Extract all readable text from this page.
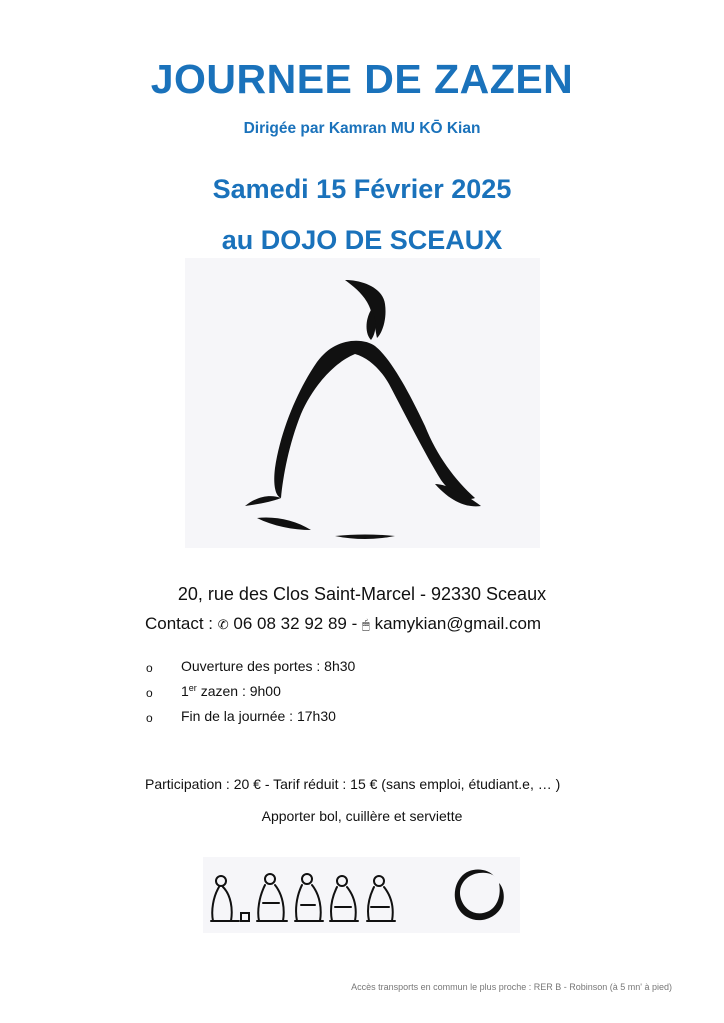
JOURNEE DE ZAZEN
Dirigée par Kamran MU KŌ Kian
Samedi 15 Février 2025
au DOJO DE SCEAUX
20, rue des Clos Saint-Marcel - 92330 Sceaux
Contact : ✆ 06 08 32 92 89 - 🖱 kamykian@gmail.com
o	Ouverture des portes : 8h30
o	1er zazen : 9h00
o	Fin de la journée : 17h30
Participation : 20 € - Tarif réduit : 15 € (sans emploi, étudiant.e, … )
Apporter bol, cuillère et serviette
Accès transports en commun le plus proche : RER B - Robinson (à 5 mn' à pied)
